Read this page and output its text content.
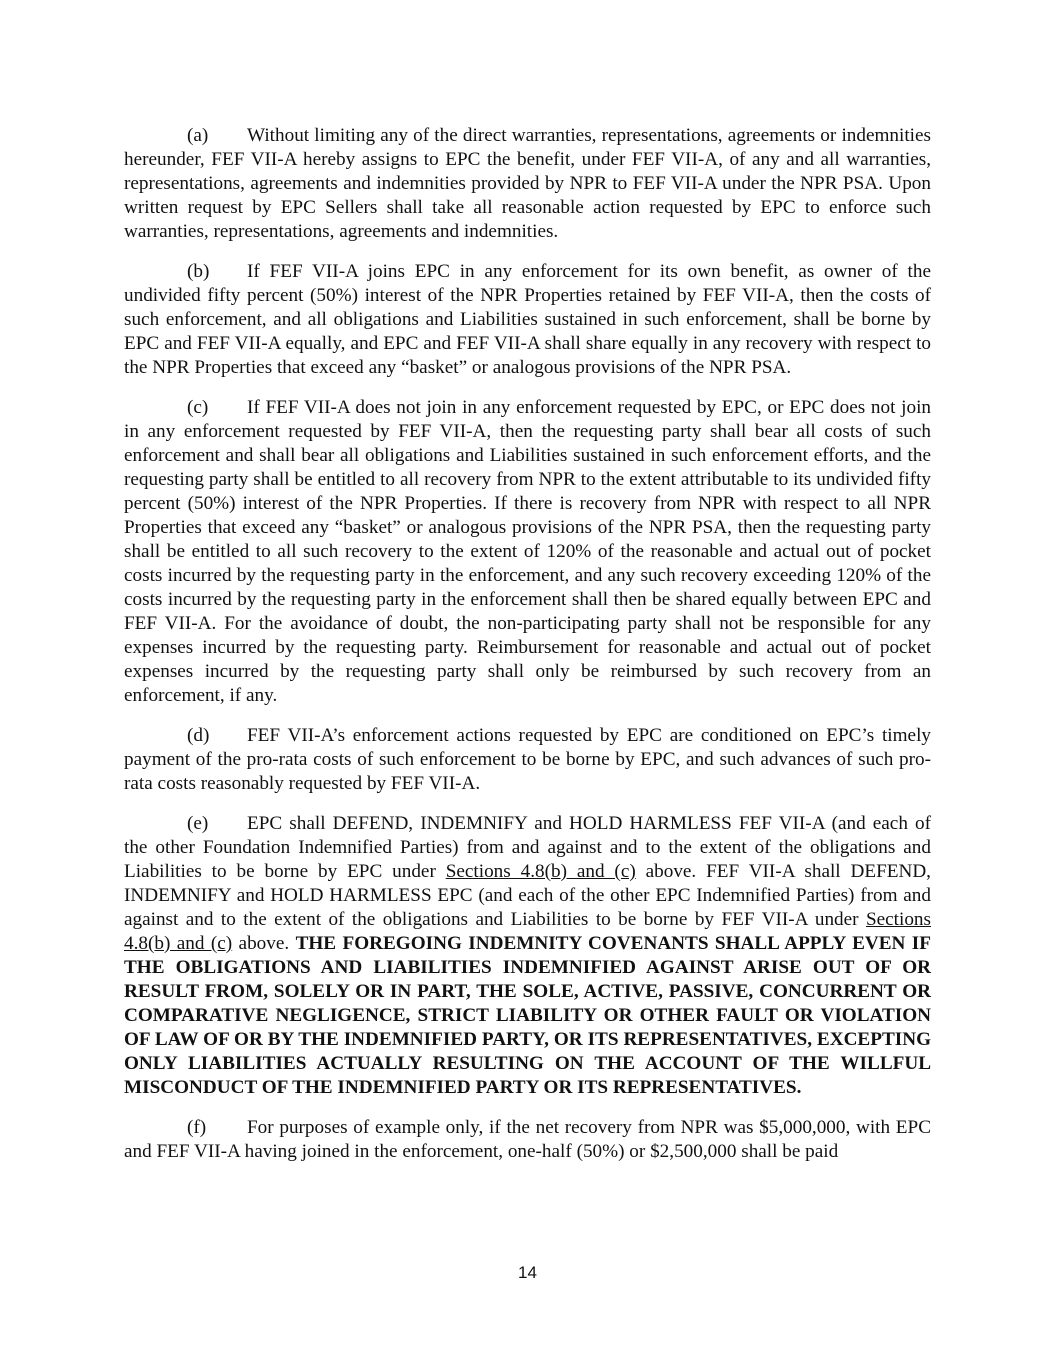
(a) Without limiting any of the direct warranties, representations, agreements or indemnities hereunder, FEF VII-A hereby assigns to EPC the benefit, under FEF VII-A, of any and all warranties, representations, agreements and indemnities provided by NPR to FEF VII-A under the NPR PSA. Upon written request by EPC Sellers shall take all reasonable action requested by EPC to enforce such warranties, representations, agreements and indemnities.

(b) If FEF VII-A joins EPC in any enforcement for its own benefit, as owner of the undivided fifty percent (50%) interest of the NPR Properties retained by FEF VII-A, then the costs of such enforcement, and all obligations and Liabilities sustained in such enforcement, shall be borne by EPC and FEF VII-A equally, and EPC and FEF VII-A shall share equally in any recovery with respect to the NPR Properties that exceed any “basket” or analogous provisions of the NPR PSA.

(c) If FEF VII-A does not join in any enforcement requested by EPC, or EPC does not join in any enforcement requested by FEF VII-A, then the requesting party shall bear all costs of such enforcement and shall bear all obligations and Liabilities sustained in such enforcement efforts, and the requesting party shall be entitled to all recovery from NPR to the extent attributable to its undivided fifty percent (50%) interest of the NPR Properties. If there is recovery from NPR with respect to all NPR Properties that exceed any “basket” or analogous provisions of the NPR PSA, then the requesting party shall be entitled to all such recovery to the extent of 120% of the reasonable and actual out of pocket costs incurred by the requesting party in the enforcement, and any such recovery exceeding 120% of the costs incurred by the requesting party in the enforcement shall then be shared equally between EPC and FEF VII-A. For the avoidance of doubt, the non-participating party shall not be responsible for any expenses incurred by the requesting party. Reimbursement for reasonable and actual out of pocket expenses incurred by the requesting party shall only be reimbursed by such recovery from an enforcement, if any.

(d) FEF VII-A’s enforcement actions requested by EPC are conditioned on EPC’s timely payment of the pro-rata costs of such enforcement to be borne by EPC, and such advances of such pro-rata costs reasonably requested by FEF VII-A.

(e) EPC shall DEFEND, INDEMNIFY and HOLD HARMLESS FEF VII-A (and each of the other Foundation Indemnified Parties) from and against and to the extent of the obligations and Liabilities to be borne by EPC under Sections 4.8(b) and (c) above. FEF VII-A shall DEFEND, INDEMNIFY and HOLD HARMLESS EPC (and each of the other EPC Indemnified Parties) from and against and to the extent of the obligations and Liabilities to be borne by FEF VII-A under Sections 4.8(b) and (c) above. THE FOREGOING INDEMNITY COVENANTS SHALL APPLY EVEN IF THE OBLIGATIONS AND LIABILITIES INDEMNIFIED AGAINST ARISE OUT OF OR RESULT FROM, SOLELY OR IN PART, THE SOLE, ACTIVE, PASSIVE, CONCURRENT OR COMPARATIVE NEGLIGENCE, STRICT LIABILITY OR OTHER FAULT OR VIOLATION OF LAW OF OR BY THE INDEMNIFIED PARTY, OR ITS REPRESENTATIVES, EXCEPTING ONLY LIABILITIES ACTUALLY RESULTING ON THE ACCOUNT OF THE WILLFUL MISCONDUCT OF THE INDEMNIFIED PARTY OR ITS REPRESENTATIVES.

(f) For purposes of example only, if the net recovery from NPR was $5,000,000, with EPC and FEF VII-A having joined in the enforcement, one-half (50%) or $2,500,000 shall be paid

14
